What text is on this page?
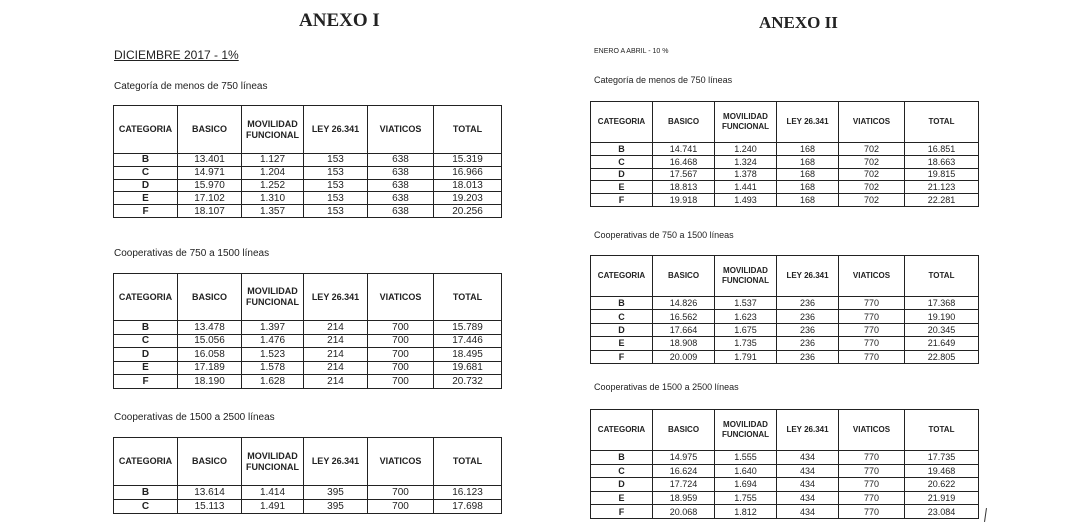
ANEXO I
DICIEMBRE 2017 - 1%
Categoría de menos de 750 líneas
CATEGORIA	BASICO	MOVILIDAD FUNCIONAL	LEY 26.341	VIATICOS	TOTAL
B	13.401	1.127	153	638	15.319
C	14.971	1.204	153	638	16.966
D	15.970	1.252	153	638	18.013
E	17.102	1.310	153	638	19.203
F	18.107	1.357	153	638	20.256
Cooperativas de 750 a 1500 líneas
CATEGORIA	BASICO	MOVILIDAD FUNCIONAL	LEY 26.341	VIATICOS	TOTAL
B	13.478	1.397	214	700	15.789
C	15.056	1.476	214	700	17.446
D	16.058	1.523	214	700	18.495
E	17.189	1.578	214	700	19.681
F	18.190	1.628	214	700	20.732
Cooperativas de 1500 a 2500 líneas
CATEGORIA	BASICO	MOVILIDAD FUNCIONAL	LEY 26.341	VIATICOS	TOTAL
B	13.614	1.414	395	700	16.123
C	15.113	1.491	395	700	17.698
ANEXO II
ENERO A ABRIL - 10 %
Categoría de menos de 750 líneas
CATEGORIA	BASICO	MOVILIDAD FUNCIONAL	LEY 26.341	VIATICOS	TOTAL
B	14.741	1.240	168	702	16.851
C	16.468	1.324	168	702	18.663
D	17.567	1.378	168	702	19.815
E	18.813	1.441	168	702	21.123
F	19.918	1.493	168	702	22.281
Cooperativas de 750 a 1500 líneas
CATEGORIA	BASICO	MOVILIDAD FUNCIONAL	LEY 26.341	VIATICOS	TOTAL
B	14.826	1.537	236	770	17.368
C	16.562	1.623	236	770	19.190
D	17.664	1.675	236	770	20.345
E	18.908	1.735	236	770	21.649
F	20.009	1.791	236	770	22.805
Cooperativas de 1500 a 2500 líneas
CATEGORIA	BASICO	MOVILIDAD FUNCIONAL	LEY 26.341	VIATICOS	TOTAL
B	14.975	1.555	434	770	17.735
C	16.624	1.640	434	770	19.468
D	17.724	1.694	434	770	20.622
E	18.959	1.755	434	770	21.919
F	20.068	1.812	434	770	23.084
